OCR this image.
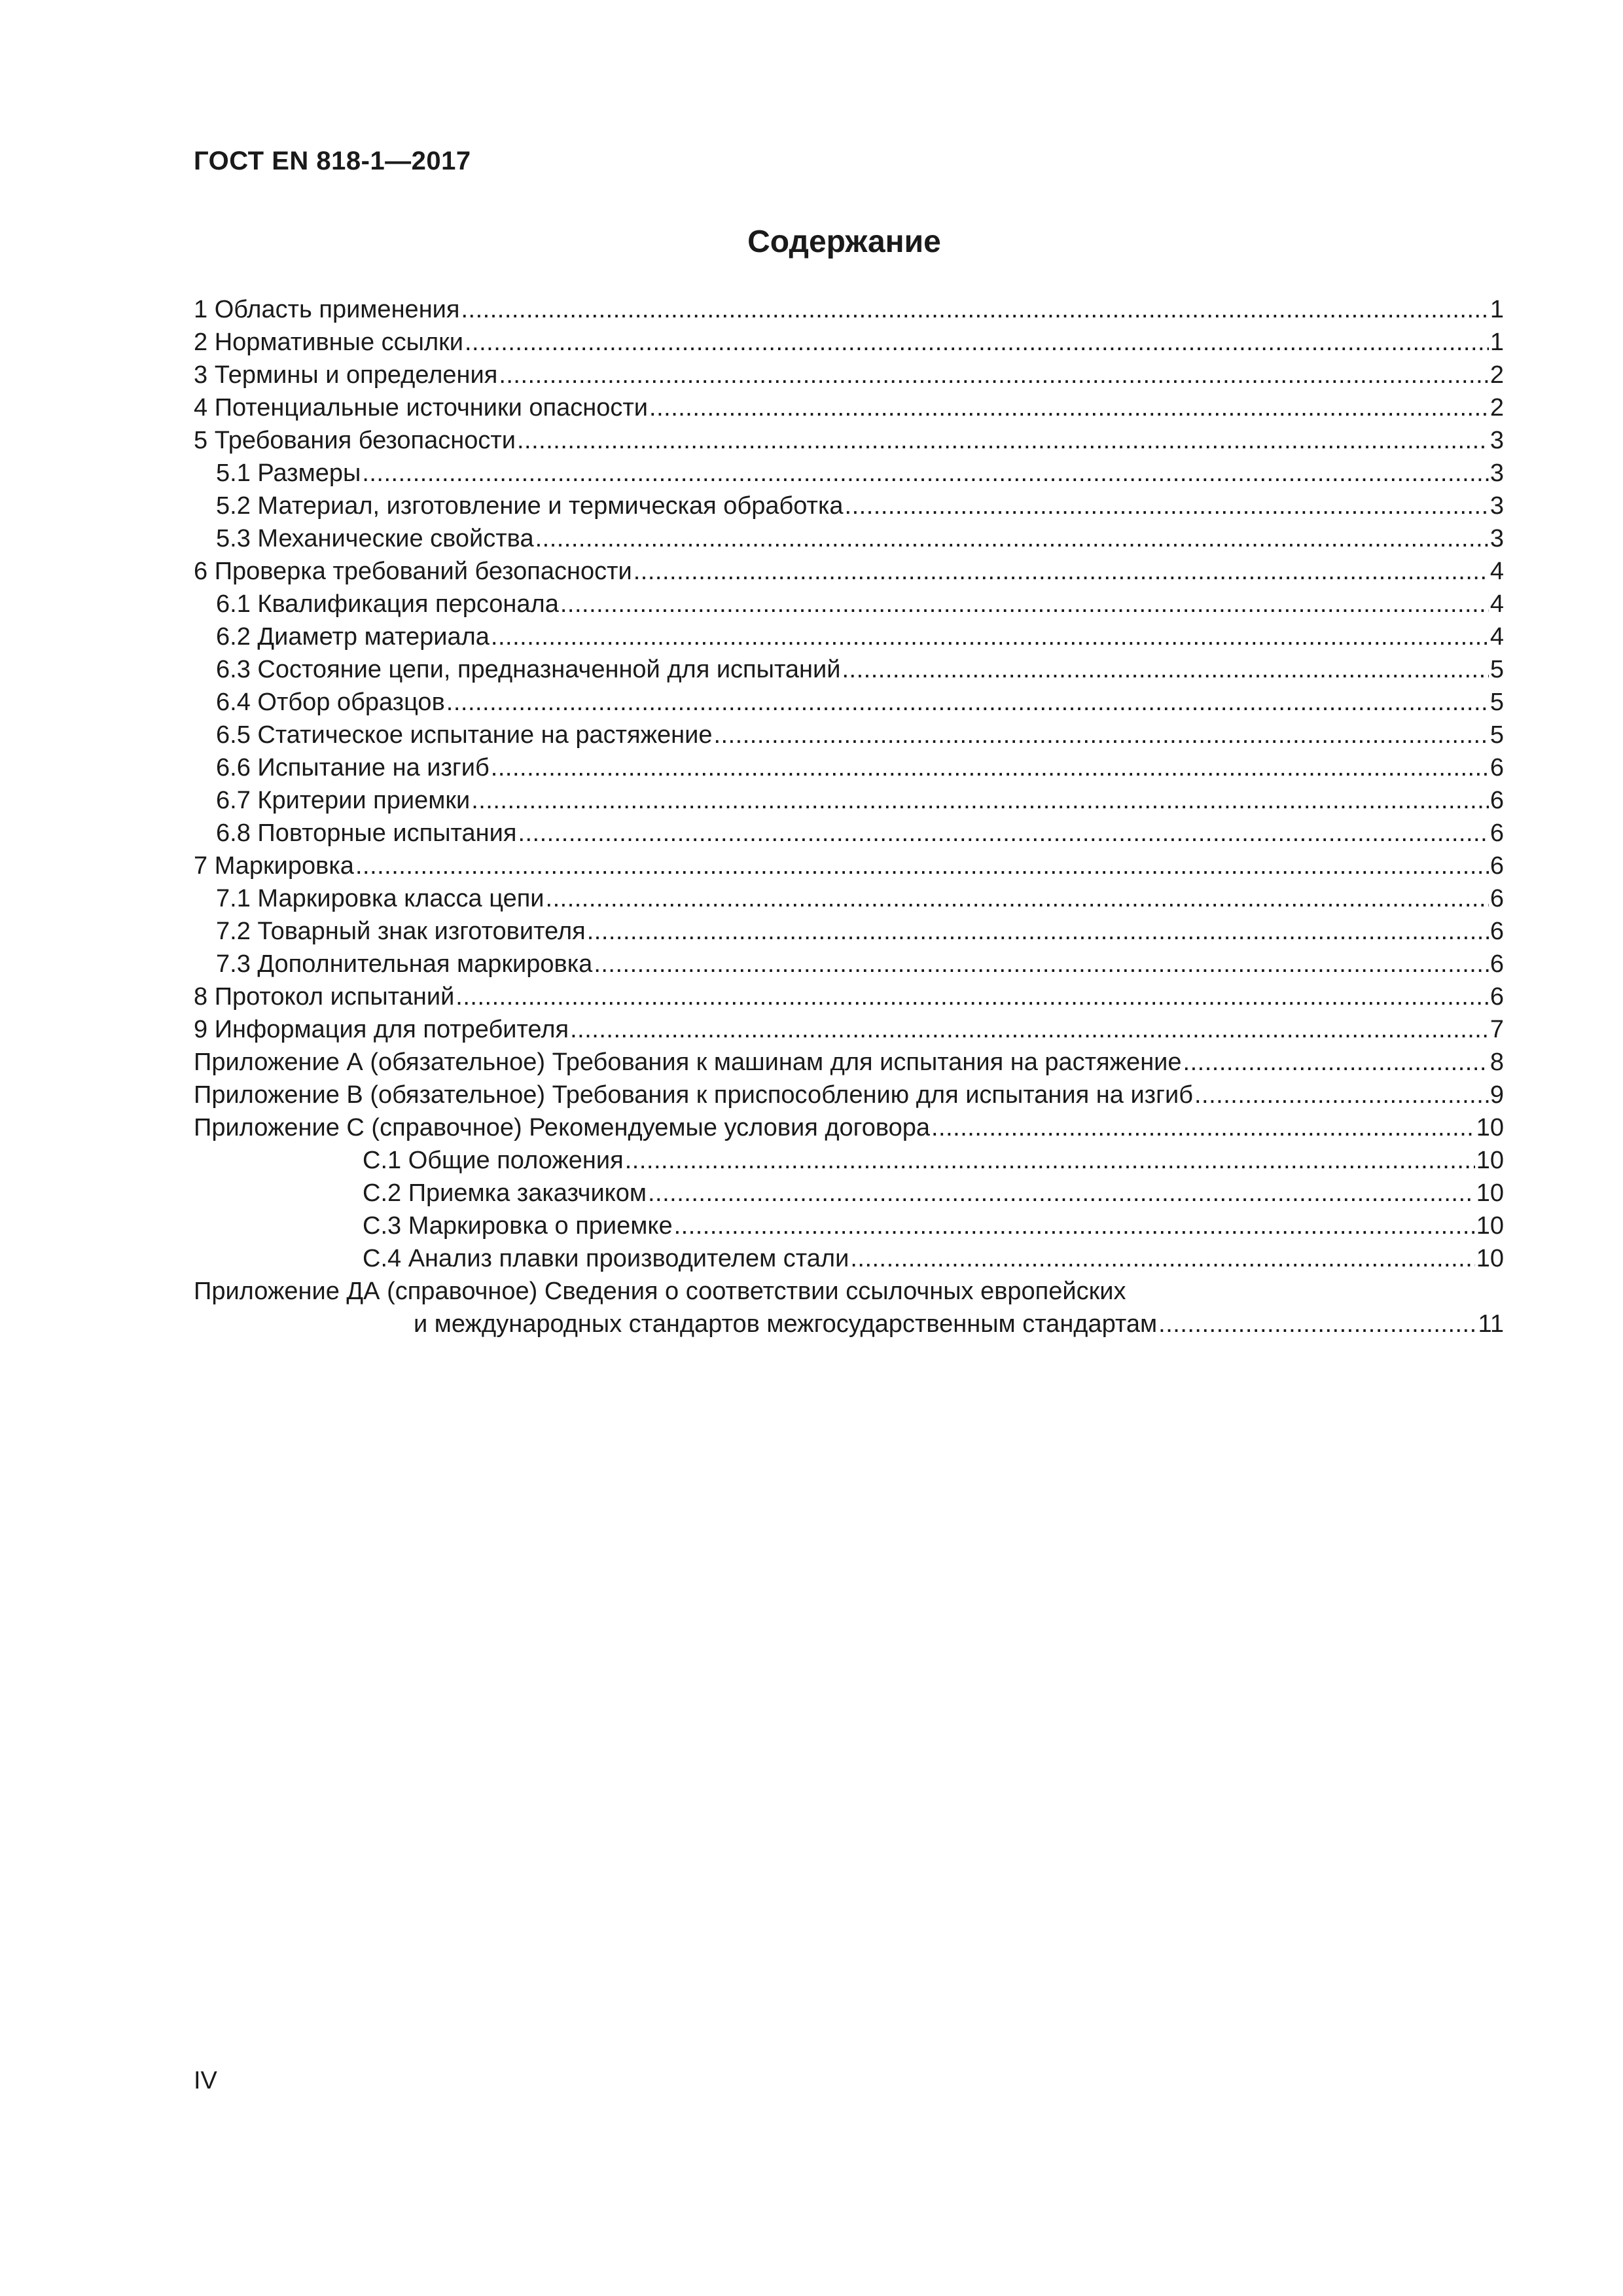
ГОСТ EN 818-1—2017
Содержание
1 Область применения .....	1
2 Нормативные ссылки .....	1
3 Термины и определения .....	2
4 Потенциальные источники опасности .....	2
5 Требования безопасности .....	3
5.1 Размеры .....	3
5.2 Материал, изготовление и термическая обработка .....	3
5.3 Механические свойства .....	3
6 Проверка требований безопасности .....	4
6.1 Квалификация персонала .....	4
6.2 Диаметр материала .....	4
6.3 Состояние цепи, предназначенной для испытаний .....	5
6.4 Отбор образцов .....	5
6.5 Статическое испытание на растяжение .....	5
6.6 Испытание на изгиб .....	6
6.7 Критерии приемки .....	6
6.8 Повторные испытания .....	6
7 Маркировка .....	6
7.1 Маркировка класса цепи .....	6
7.2 Товарный знак изготовителя .....	6
7.3 Дополнительная маркировка .....	6
8 Протокол испытаний .....	6
9 Информация для потребителя .....	7
Приложение А (обязательное) Требования к машинам для испытания на растяжение .....	8
Приложение В (обязательное) Требования к приспособлению для испытания на изгиб .....	9
Приложение С (справочное) Рекомендуемые условия договора .....	10
С.1 Общие положения .....	10
С.2 Приемка заказчиком .....	10
С.3 Маркировка о приемке .....	10
С.4 Анализ плавки производителем стали .....	10
Приложение ДА (справочное) Сведения о соответствии ссылочных европейских
и международных стандартов межгосударственным стандартам .....	11
IV
